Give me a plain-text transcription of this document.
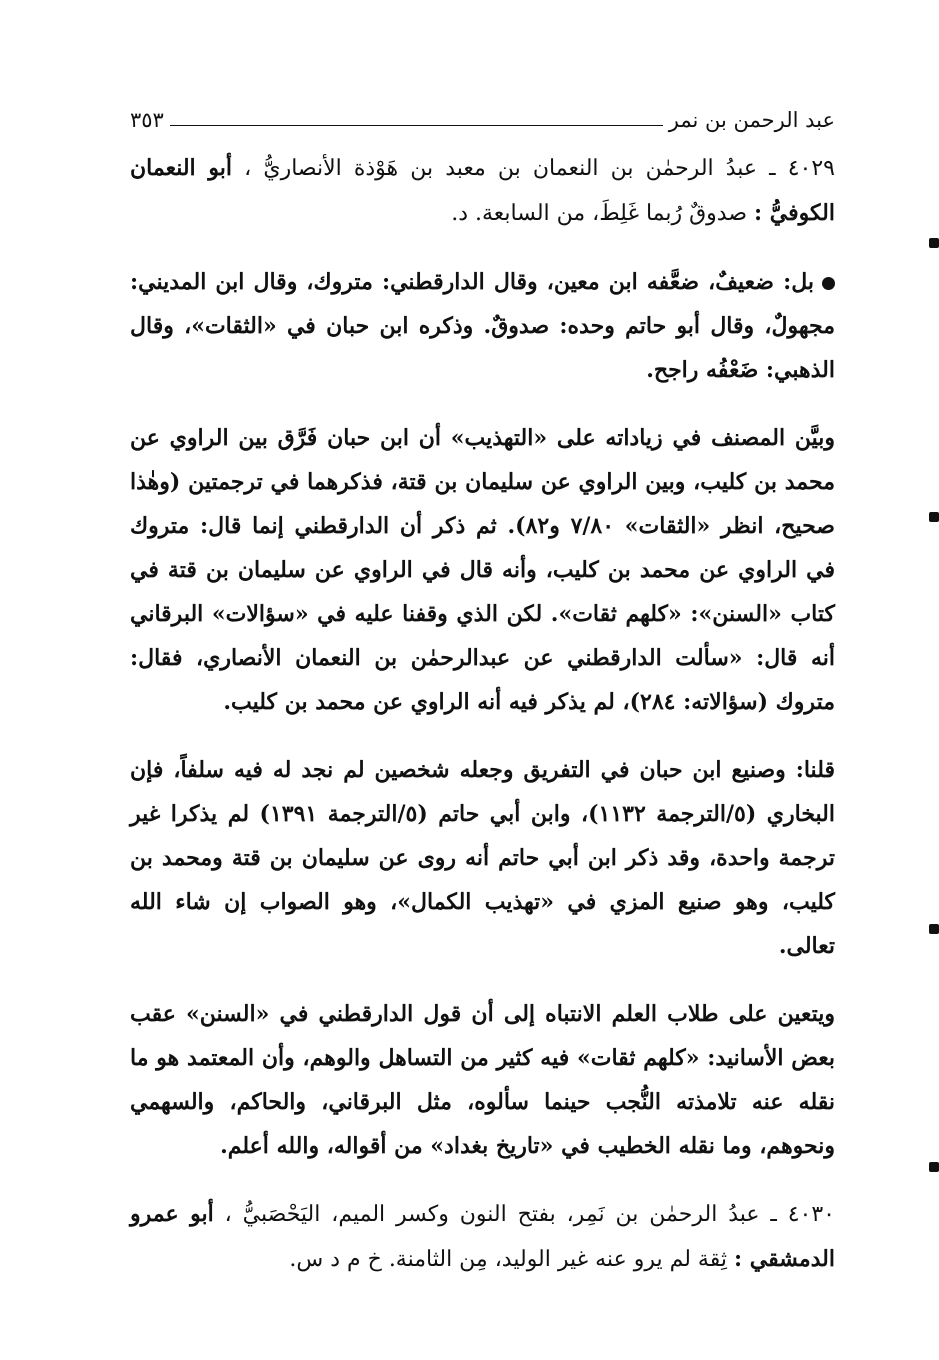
عبد الرحمن بن نمر
٣٥٣

٤٠٢٩ ـ عبدُ الرحمٰن بن النعمان بن معبد بن هَوْذة الأنصاريُّ ، أبو النعمان الكوفيُّ : صدوقٌ رُبما غَلِطَ، من السابعة. د.

بل: ضعيفٌ، ضعَّفه ابن معين، وقال الدارقطني: متروك، وقال ابن المديني: مجهولٌ، وقال أبو حاتم وحده: صدوقٌ. وذكره ابن حبان في «الثقات»، وقال الذهبي: ضَعْفُه راجح.

وبيَّن المصنف في زياداته على «التهذيب» أن ابن حبان فَرَّق بين الراوي عن محمد بن كليب، وبين الراوي عن سليمان بن قتة، فذكرهما في ترجمتين (وهٰذا صحيح، انظر «الثقات» ٧/٨٠ و٨٢). ثم ذكر أن الدارقطني إنما قال: متروك في الراوي عن محمد بن كليب، وأنه قال في الراوي عن سليمان بن قتة في كتاب «السنن»: «كلهم ثقات». لكن الذي وقفنا عليه في «سؤالات» البرقاني أنه قال: «سألت الدارقطني عن عبدالرحمٰن بن النعمان الأنصاري، فقال: متروك (سؤالاته: ٢٨٤)، لم يذكر فيه أنه الراوي عن محمد بن كليب.

قلنا: وصنيع ابن حبان في التفريق وجعله شخصين لم نجد له فيه سلفاً، فإن البخاري (٥/الترجمة ١١٣٢)، وابن أبي حاتم (٥/الترجمة ١٣٩١) لم يذكرا غير ترجمة واحدة، وقد ذكر ابن أبي حاتم أنه روى عن سليمان بن قتة ومحمد بن كليب، وهو صنيع المزي في «تهذيب الكمال»، وهو الصواب إن شاء الله تعالى.

ويتعين على طلاب العلم الانتباه إلى أن قول الدارقطني في «السنن» عقب بعض الأسانيد: «كلهم ثقات» فيه كثير من التساهل والوهم، وأن المعتمد هو ما نقله عنه تلامذته النُّجب حينما سألوه، مثل البرقاني، والحاكم، والسهمي ونحوهم، وما نقله الخطيب في «تاريخ بغداد» من أقواله، والله أعلم.

٤٠٣٠ ـ عبدُ الرحمٰن بن نَمِر، بفتح النون وكسر الميم، اليَحْصَبيُّ ، أبو عمرو الدمشقي : ثِقة لم يرو عنه غير الوليد، مِن الثامنة. خ م د س.
